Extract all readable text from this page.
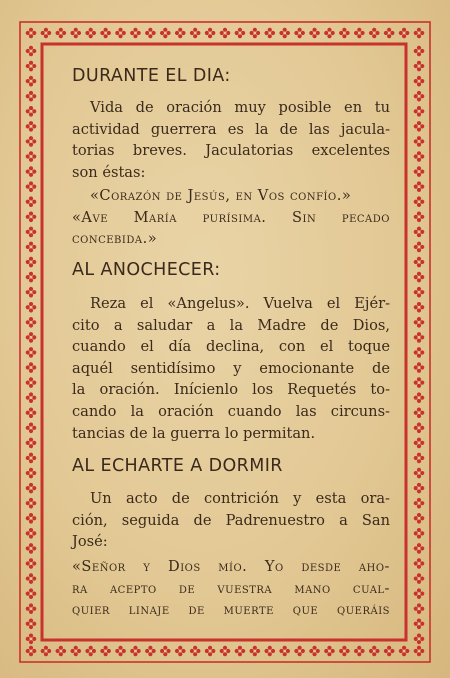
DURANTE EL DIA:
Vida de oración muy posible en tu
actividad guerrera es la de las jacula-
torias breves. Jaculatorias excelentes
son éstas:
«Corazón de Jesús, en Vos confío.»
«Ave María purísima. Sin pecado
concebida.»
AL ANOCHECER:
Reza el «Angelus». Vuelva el Ejér-
cito a saludar a la Madre de Dios,
cuando el día declina, con el toque
aquél sentidísimo y emocionante de
la oración. Inícienlo los Requetés to-
cando la oración cuando las circuns-
tancias de la guerra lo permitan.
AL ECHARTE A DORMIR
Un acto de contrición y esta ora-
ción, seguida de Padrenuestro a San
José:
«Señor y Dios mío. Yo desde aho-
ra acepto de vuestra mano cual-
quier linaje de muerte que queráis
